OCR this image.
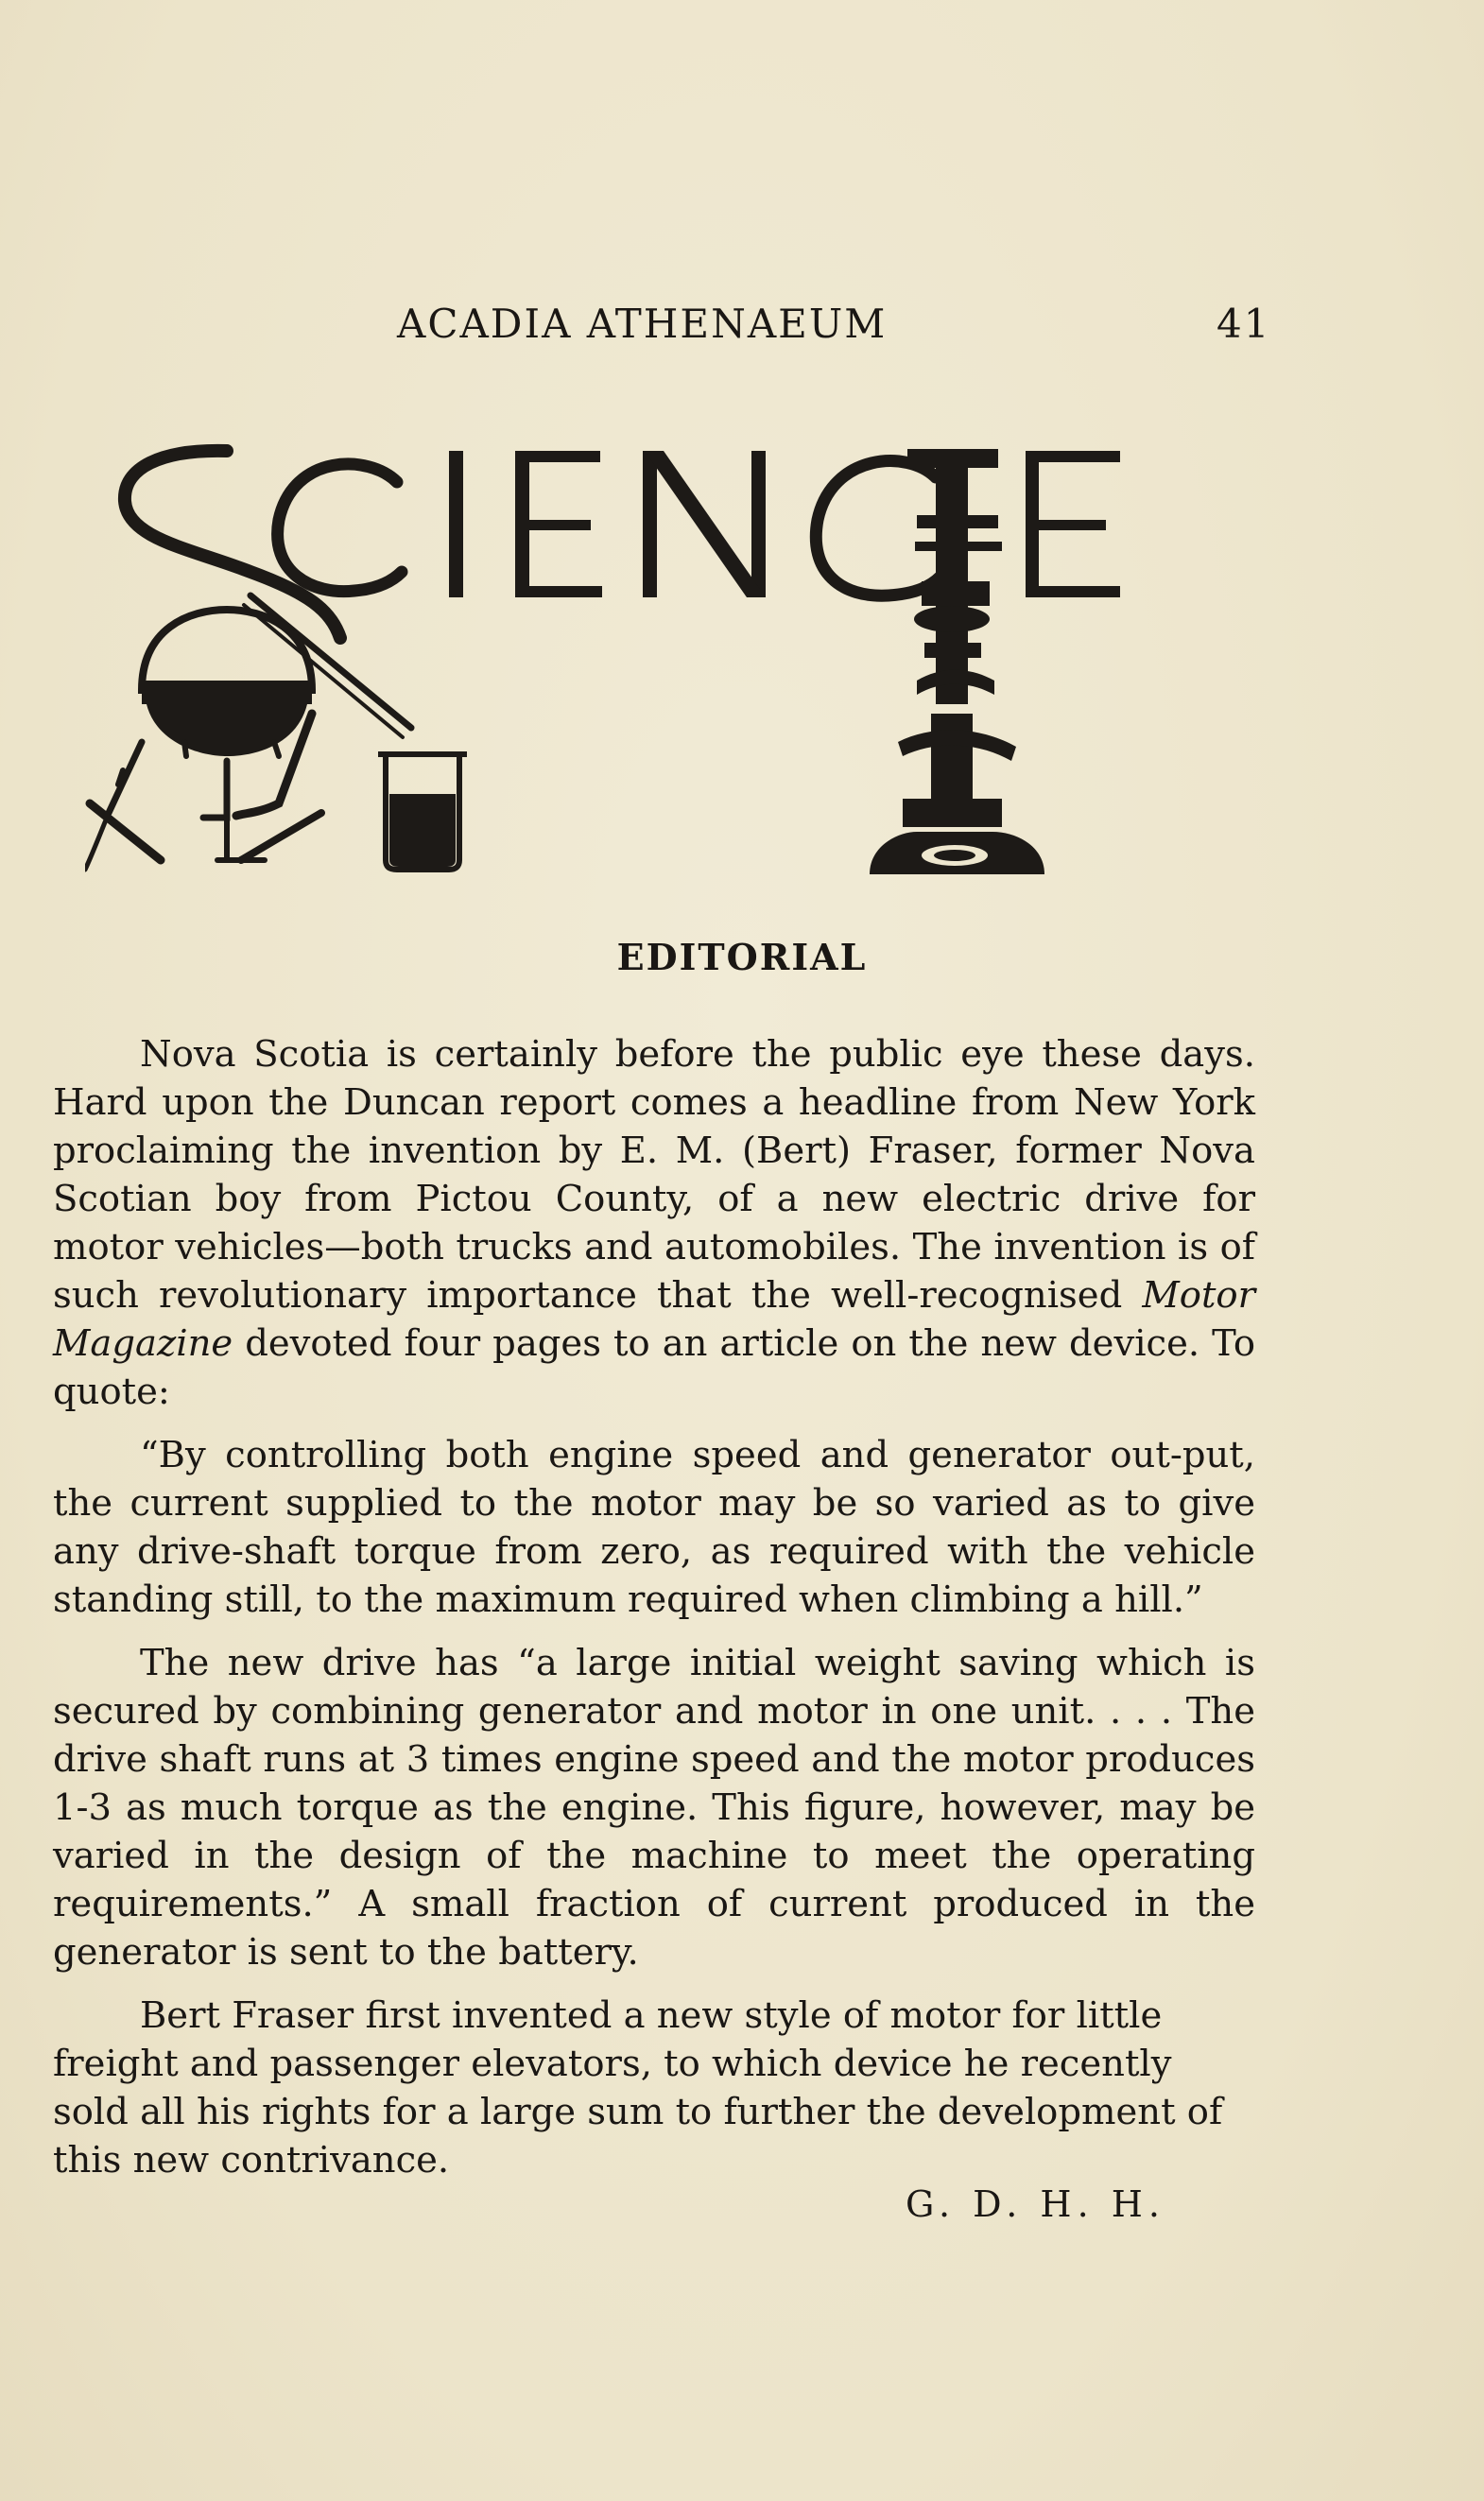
ACADIA ATHENAEUM	41
EDITORIAL

Nova Scotia is certainly before the public eye these days. Hard upon the Duncan report comes a headline from New York proclaiming the invention by E. M. (Bert) Fraser, former Nova Scotian boy from Pictou County, of a new electric drive for motor vehicles—both trucks and automobiles. The invention is of such revolutionary importance that the well-recognised Motor Magazine devoted four pages to an article on the new device. To quote:

“By controlling both engine speed and generator out-put, the current supplied to the motor may be so varied as to give any drive-shaft torque from zero, as required with the vehicle standing still, to the maximum required when climbing a hill.”

The new drive has “a large initial weight saving which is secured by combining generator and motor in one unit. . . . The drive shaft runs at 3 times engine speed and the motor produces 1-3 as much torque as the engine. This figure, however, may be varied in the design of the machine to meet the operating requirements.” A small fraction of current produced in the generator is sent to the battery.

Bert Fraser first invented a new style of motor for little freight and passenger elevators, to which device he recently sold all his rights for a large sum to further the development of this new contrivance.

G. D. H. H.
